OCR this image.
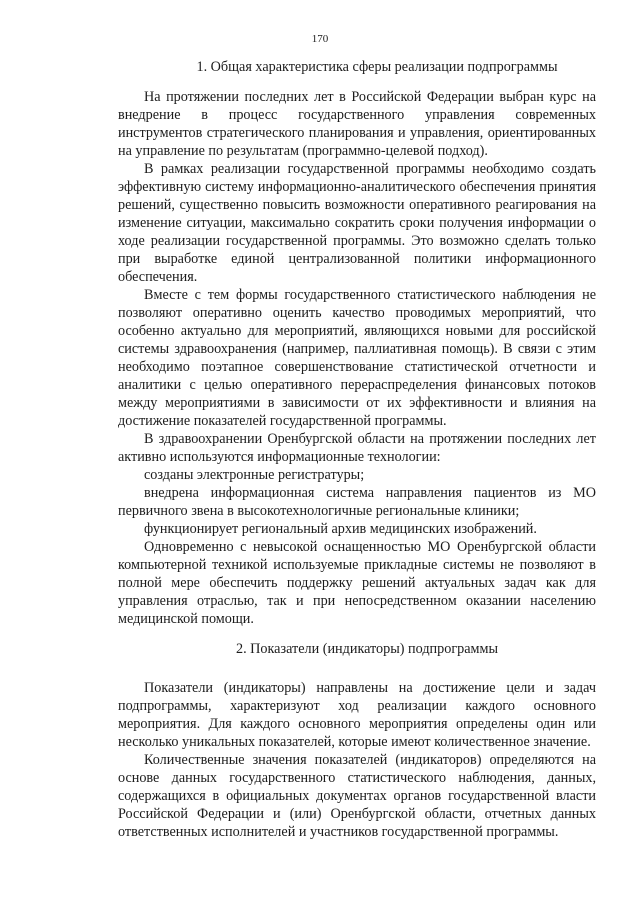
170
1. Общая характеристика сферы реализации подпрограммы

На протяжении последних лет в Российской Федерации выбран курс на внедрение в процесс государственного управления современных инструментов стратегического планирования и управления, ориентированных на управление по результатам (программно-целевой подход).

В рамках реализации государственной программы необходимо создать эффективную систему информационно-аналитического обеспечения принятия решений, существенно повысить возможности оперативного реагирования на изменение ситуации, максимально сократить сроки получения информации о ходе реализации государственной программы. Это возможно сделать только при выработке единой централизованной политики информационного обеспечения.

Вместе с тем формы государственного статистического наблюдения не позволяют оперативно оценить качество проводимых мероприятий, что особенно актуально для мероприятий, являющихся новыми для российской системы здравоохранения (например, паллиативная помощь). В связи с этим необходимо поэтапное совершенствование статистической отчетности и аналитики с целью оперативного перераспределения финансовых потоков между мероприятиями в зависимости от их эффективности и влияния на достижение показателей государственной программы.

В здравоохранении Оренбургской области на протяжении последних лет активно используются информационные технологии:

созданы электронные регистратуры;

внедрена информационная система направления пациентов из МО первичного звена в высокотехнологичные региональные клиники;

функционирует региональный архив медицинских изображений.

Одновременно с невысокой оснащенностью МО Оренбургской области компьютерной техникой используемые прикладные системы не позволяют в полной мере обеспечить поддержку решений актуальных задач как для управления отраслью, так и при непосредственном оказании населению медицинской помощи.

2. Показатели (индикаторы) подпрограммы

Показатели (индикаторы) направлены на достижение цели и задач подпрограммы, характеризуют ход реализации каждого основного мероприятия. Для каждого основного мероприятия определены один или несколько уникальных показателей, которые имеют количественное значение.

Количественные значения показателей (индикаторов) определяются на основе данных государственного статистического наблюдения, данных, содержащихся в официальных документах органов государственной власти Российской Федерации и (или) Оренбургской области, отчетных данных ответственных исполнителей и участников государственной программы.
